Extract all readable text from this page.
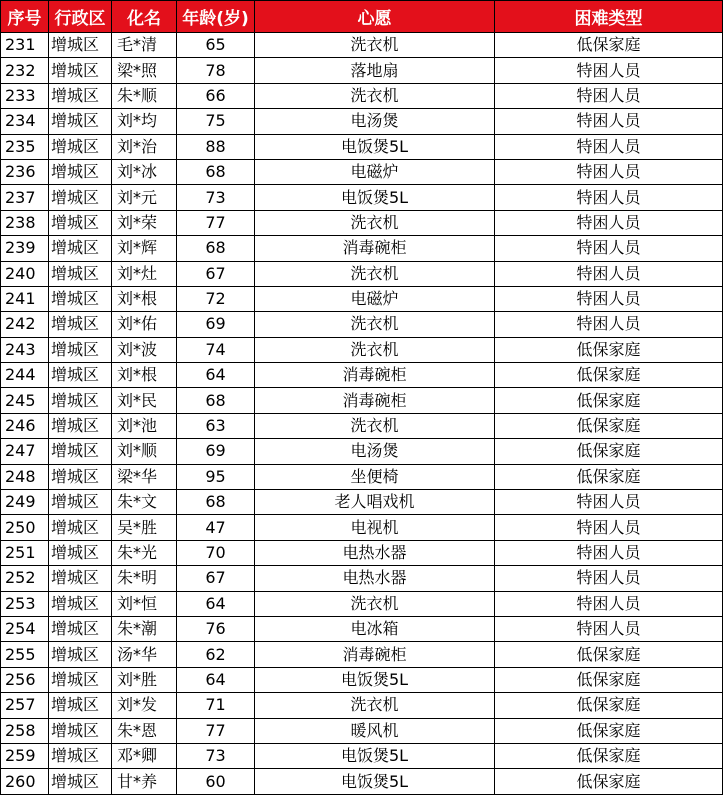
序号	行政区	化名	年龄(岁)	心愿	困难类型
231	增城区	毛*清	65	洗衣机	低保家庭
232	增城区	梁*照	78	落地扇	特困人员
233	增城区	朱*顺	66	洗衣机	特困人员
234	增城区	刘*均	75	电汤煲	特困人员
235	增城区	刘*治	88	电饭煲5L	特困人员
236	增城区	刘*冰	68	电磁炉	特困人员
237	增城区	刘*元	73	电饭煲5L	特困人员
238	增城区	刘*荣	77	洗衣机	特困人员
239	增城区	刘*辉	68	消毒碗柜	特困人员
240	增城区	刘*灶	67	洗衣机	特困人员
241	增城区	刘*根	72	电磁炉	特困人员
242	增城区	刘*佑	69	洗衣机	特困人员
243	增城区	刘*波	74	洗衣机	低保家庭
244	增城区	刘*根	64	消毒碗柜	低保家庭
245	增城区	刘*民	68	消毒碗柜	低保家庭
246	增城区	刘*池	63	洗衣机	低保家庭
247	增城区	刘*顺	69	电汤煲	低保家庭
248	增城区	梁*华	95	坐便椅	低保家庭
249	增城区	朱*文	68	老人唱戏机	特困人员
250	增城区	吴*胜	47	电视机	特困人员
251	增城区	朱*光	70	电热水器	特困人员
252	增城区	朱*明	67	电热水器	特困人员
253	增城区	刘*恒	64	洗衣机	特困人员
254	增城区	朱*潮	76	电冰箱	特困人员
255	增城区	汤*华	62	消毒碗柜	低保家庭
256	增城区	刘*胜	64	电饭煲5L	低保家庭
257	增城区	刘*发	71	洗衣机	低保家庭
258	增城区	朱*恩	77	暖风机	低保家庭
259	增城区	邓*卿	73	电饭煲5L	低保家庭
260	增城区	甘*养	60	电饭煲5L	低保家庭
